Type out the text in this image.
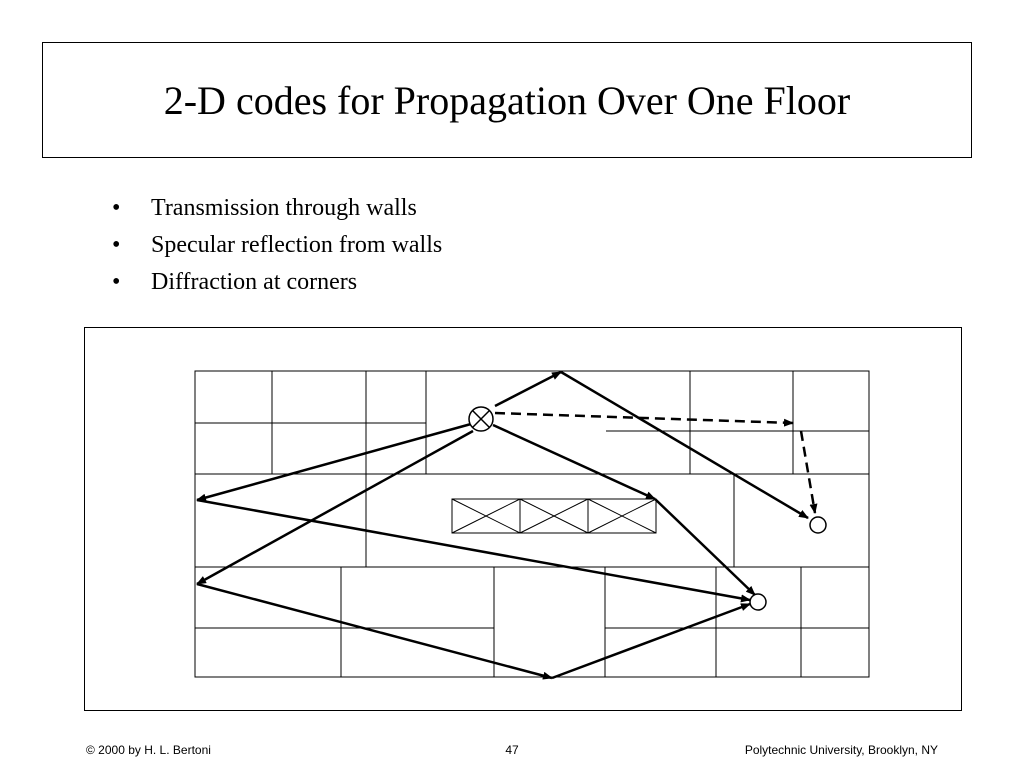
2-D codes for Propagation Over One Floor
• Transmission through walls
• Specular reflection from walls
• Diffraction at corners
© 2000 by H. L. Bertoni	47	Polytechnic University, Brooklyn, NY
